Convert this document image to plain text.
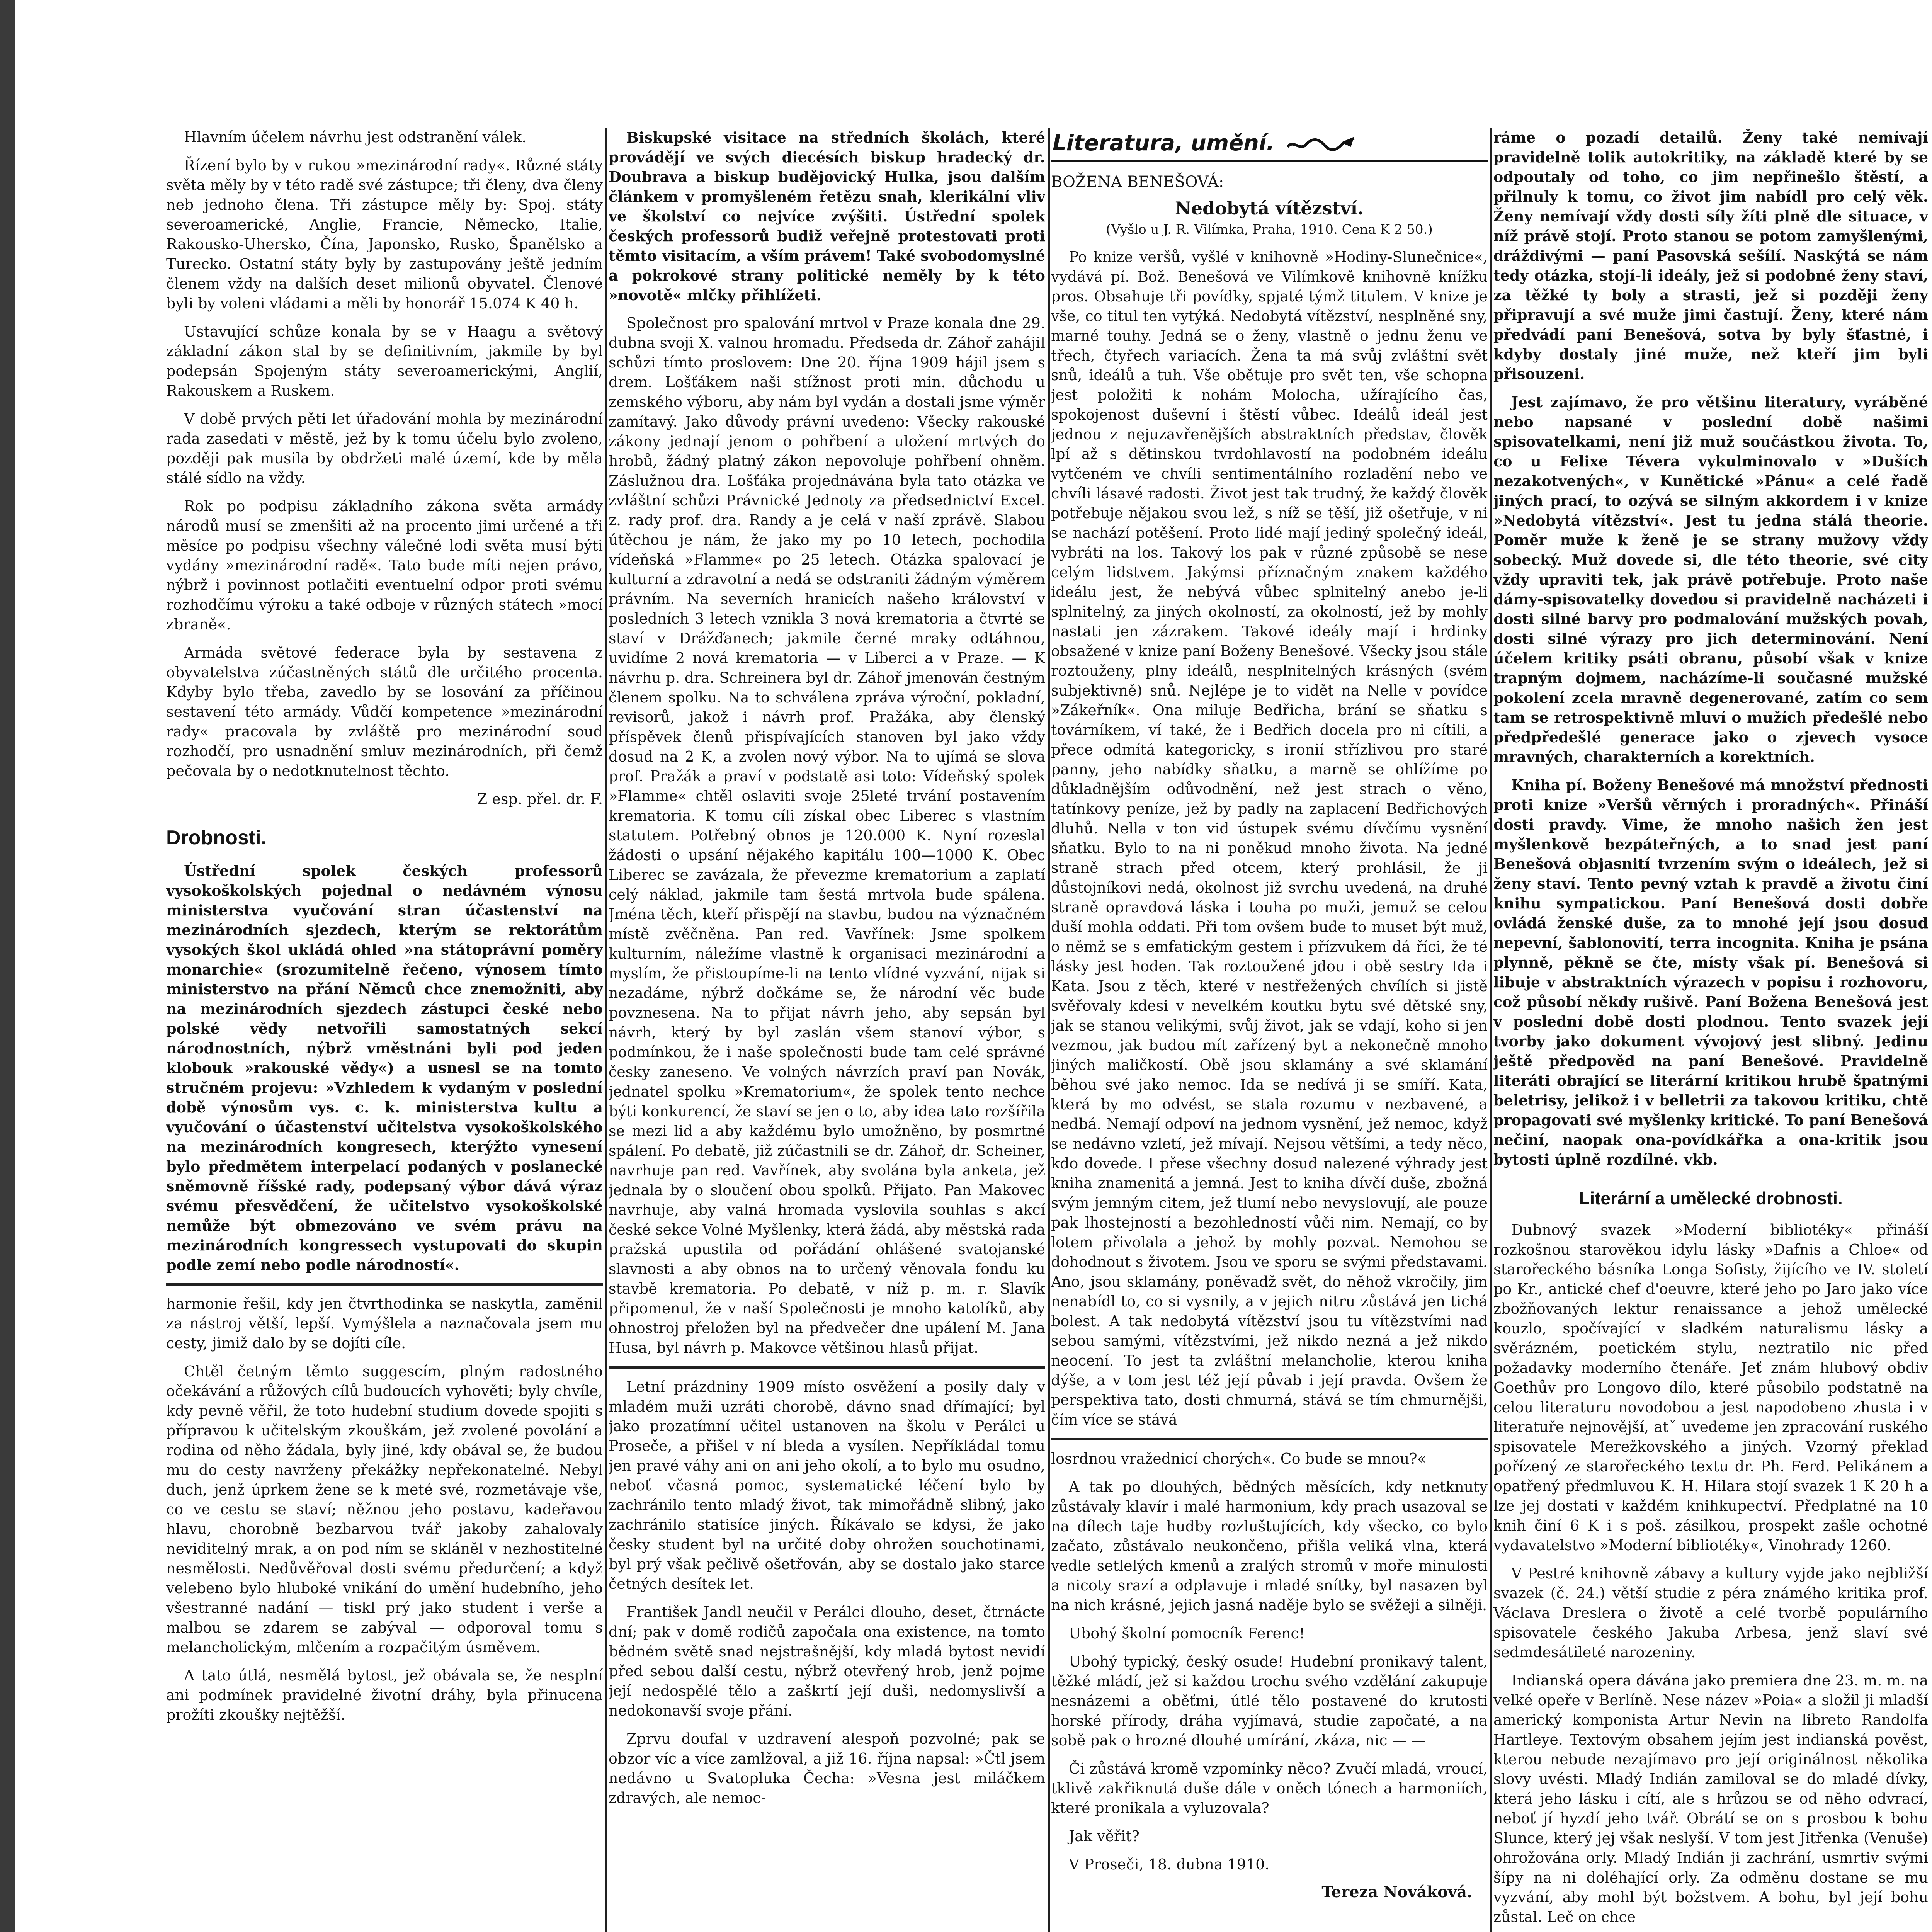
Hlavním účelem návrhu jest odstranění válek.

Řízení bylo by v rukou »mezinárodní rady«. Různé státy světa měly by v této radě své zástupce; tři členy, dva členy neb jednoho člena. Tři zástupce měly by: Spoj. státy severoamerické, Anglie, Francie, Německo, Italie, Rakousko-Uhersko, Čína, Japonsko, Rusko, Španělsko a Turecko. Ostatní státy byly by zastupovány ještě jedním členem vždy na dalších deset milionů obyvatel. Členové byli by voleni vládami a měli by honorář 15.074 K 40 h.

Ustavující schůze konala by se v Haagu a světový základní zákon stal by se definitivním, jakmile by byl podepsán Spojeným státy severoamerickými, Anglií, Rakouskem a Ruskem.

V době prvých pěti let úřadování mohla by mezinárodní rada zasedati v městě, jež by k tomu účelu bylo zvoleno, později pak musila by obdržeti malé území, kde by měla stálé sídlo na vždy.

Rok po podpisu základního zákona světa armády národů musí se zmenšiti až na procento jimi určené a tři měsíce po podpisu všechny válečné lodi světa musí býti vydány »mezinárodní radě«. Tato bude míti nejen právo, nýbrž i povinnost potlačiti eventuelní odpor proti svému rozhodčímu výroku a také odboje v různých státech »mocí zbraně«.

Armáda světové federace byla by sestavena z obyvatelstva zúčastněných států dle určitého procenta. Kdyby bylo třeba, zavedlo by se losování za příčinou sestavení této armády. Vůdčí kompetence »mezinárodní rady« pracovala by zvláště pro mezinárodní soud rozhodčí, pro usnadnění smluv mezinárodních, při čemž pečovala by o nedotknutelnost těchto.

Z esp. přel. dr. F.

Drobnosti.

Ústřední spolek českých professorů vysokoškolských pojednal o nedávném výnosu ministerstva vyučování stran účastenství na mezinárodních sjezdech, kterým se rektorátům vysokých škol ukládá ohled »na státoprávní poměry monarchie« (srozumitelně řečeno, výnosem tímto ministerstvo na přání Němců chce znemožniti, aby na mezinárodních sjezdech zástupci české nebo polské vědy netvořili samostatných sekcí národnostních, nýbrž vměstnáni byli pod jeden klobouk »rakouské vědy«) a usnesl se na tomto stručném projevu: »Vzhledem k vydaným v poslední době výnosům vys. c. k. ministerstva kultu a vyučování o účastenství učitelstva vysokoškolského na mezinárodních kongresech, kterýžto vynesení bylo předmětem interpelací podaných v poslanecké sněmovně říšské rady, podepsaný výbor dává výraz svému přesvědčení, že učitelstvo vysokoškolské nemůže být obmezováno ve svém právu na mezinárodních kongressech vystupovati do skupin podle zemí nebo podle národností«.

harmonie řešil, kdy jen čtvrthodinka se naskytla, zaměnil za nástroj větší, lepší. Vymýšlela a naznačovala jsem mu cesty, jimiž dalo by se dojíti cíle.

Chtěl četným těmto suggescím, plným radostného očekávání a růžových cílů budoucích vyhověti; byly chvíle, kdy pevně věřil, že toto hudební studium dovede spojiti s přípravou k učitelským zkouškám, jež zvolené povolání a rodina od něho žádala, byly jiné, kdy obával se, že budou mu do cesty navrženy překážky nepřekonatelné. Nebyl duch, jenž úprkem žene se k meté své, rozmetávaje vše, co ve cestu se staví; něžnou jeho postavu, kadeřavou hlavu, chorobně bezbarvou tvář jakoby zahalovaly neviditelný mrak, a on pod ním se skláněl v nezhostitelné nesmělosti. Nedůvěřoval dosti svému předurčení; a když velebeno bylo hluboké vnikání do umění hudebního, jeho všestranné nadání — tiskl prý jako student i verše a malbou se zdarem se zabýval — odporoval tomu s melancholickým, mlčením a rozpačitým úsměvem.

A tato útlá, nesmělá bytost, jež obávala se, že nesplní ani podmínek pravidelné životní dráhy, byla přinucena prožíti zkoušky nejtěžší.

Biskupské visitace na středních školách, které provádějí ve svých diecésích biskup hradecký dr. Doubrava a biskup budějovický Hulka, jsou dalším článkem v promyšleném řetězu snah, klerikální vliv ve školství co nejvíce zvýšiti. Ústřední spolek českých professorů budiž veřejně protestovati proti těmto visitacím, a vším právem! Také svobodomyslné a pokrokové strany politické neměly by k této »novotě« mlčky přihlížeti.

Společnost pro spalování mrtvol v Praze konala dne 29. dubna svoji X. valnou hromadu. Předseda dr. Záhoř zahájil schůzi tímto proslovem: Dne 20. října 1909 hájil jsem s drem. Lošťákem naši stížnost proti min. důchodu u zemského výboru, aby nám byl vydán a dostali jsme výměr zamítavý. Jako důvody právní uvedeno: Všecky rakouské zákony jednají jenom o pohřbení a uložení mrtvých do hrobů, žádný platný zákon nepovoluje pohřbení ohněm. Záslužnou dra. Lošťáka projednávána byla tato otázka ve zvláštní schůzi Právnické Jednoty za předsednictví Excel. z. rady prof. dra. Randy a je celá v naší zprávě. Slabou útěchou je nám, že jako my po 10 letech, pochodila vídeňská »Flamme« po 25 letech. Otázka spalovací je kulturní a zdravotní a nedá se odstraniti žádným výměrem právním. Na severních hranicích našeho království v posledních 3 letech vznikla 3 nová krematoria a čtvrté se staví v Drážďanech; jakmile černé mraky odtáhnou, uvidíme 2 nová krematoria — v Liberci a v Praze. — K návrhu p. dra. Schreinera byl dr. Záhoř jmenován čestným členem spolku. Na to schválena zpráva výroční, pokladní, revisorů, jakož i návrh prof. Pražáka, aby členský příspěvek členů přispívajících stanoven byl jako vždy dosud na 2 K, a zvolen nový výbor. Na to ujímá se slova prof. Pražák a praví v podstatě asi toto: Vídeňský spolek »Flamme« chtěl oslaviti svoje 25leté trvání postavením krematoria. K tomu cíli získal obec Liberec s vlastním statutem. Potřebný obnos je 120.000 K. Nyní rozeslal žádosti o upsání nějakého kapitálu 100—1000 K. Obec Liberec se zavázala, že převezme krematorium a zaplatí celý náklad, jakmile tam šestá mrtvola bude spálena. Jména těch, kteří přispějí na stavbu, budou na význačném místě zvěčněna. Pan red. Vavřínek: Jsme spolkem kulturním, náležíme vlastně k organisaci mezinárodní a myslím, že přistoupíme-li na tento vlídné vyzvání, nijak si nezadáme, nýbrž dočkáme se, že národní věc bude povznesena. Na to přijat návrh jeho, aby sepsán byl návrh, který by byl zaslán všem stanoví výbor, s podmínkou, že i naše společnosti bude tam celé správné česky zaneseno. Ve volných návrzích praví pan Novák, jednatel spolku »Krematorium«, že spolek tento nechce býti konkurencí, že staví se jen o to, aby idea tato rozšířila se mezi lid a aby každému bylo umožněno, by posmrtné spálení. Po debatě, již zúčastnili se dr. Záhoř, dr. Scheiner, navrhuje pan red. Vavřínek, aby svolána byla anketa, jež jednala by o sloučení obou spolků. Přijato. Pan Makovec navrhuje, aby valná hromada vyslovila souhlas s akcí české sekce Volné Myšlenky, která žádá, aby městská rada pražská upustila od pořádání ohlášené svatojanské slavnosti a aby obnos na to určený věnovala fondu ku stavbě krematoria. Po debatě, v níž p. m. r. Slavík připomenul, že v naší Společnosti je mnoho katolíků, aby ohnostroj přeložen byl na předvečer dne upálení M. Jana Husa, byl návrh p. Makovce většinou hlasů přijat.

Letní prázdniny 1909 místo osvěžení a posily daly v mladém muži uzráti chorobě, dávno snad dřímající; byl jako prozatímní učitel ustanoven na školu v Perálci u Proseče, a přišel v ní bleda a vysílen. Nepříkládal tomu jen pravé váhy ani on ani jeho okolí, a to bylo mu osudno, neboť včasná pomoc, systematické léčení bylo by zachránilo tento mladý život, tak mimořádně slibný, jako zachránilo statisíce jiných. Říkávalo se kdysi, že jako česky student byl na určité doby ohrožen souchotinami, byl prý však pečlivě ošetřován, aby se dostalo jako starce četných desítek let.

František Jandl neučil v Perálci dlouho, deset, čtrnácte dní; pak v domě rodičů započala ona existence, na tomto bědném světě snad nejstrašnější, kdy mladá bytost nevidí před sebou další cestu, nýbrž otevřený hrob, jenž pojme její nedospělé tělo a zaškrtí její duši, nedomyslivší a nedokonavší svoje přání.

Zprvu doufal v uzdravení alespoň pozvolné; pak se obzor víc a více zamlžoval, a již 16. října napsal: »Čtl jsem nedávno u Svatopluka Čecha: »Vesna jest miláčkem zdravých, ale nemoc-

Literatura, umění.
BOŽENA BENEŠOVÁ:
Nedobytá vítězství.
(Vyšlo u J. R. Vilímka, Praha, 1910. Cena K 2 50.)

Po knize veršů, vyšlé v knihovně »Hodiny-Slunečnice«, vydává pí. Bož. Benešová ve Vilímkově knihovně knížku pros. Obsahuje tři povídky, spjaté týmž titulem. V knize je vše, co titul ten vytýká. Nedobytá vítězství, nesplněné sny, marné touhy. Jedná se o ženy, vlastně o jednu ženu ve třech, čtyřech variacích. Žena ta má svůj zvláštní svět snů, ideálů a tuh. Vše obětuje pro svět ten, vše schopna jest položiti k nohám Molocha, užírajícího čas, spokojenost duševní i štěstí vůbec. Ideálů ideál jest jednou z nejuzavřenějších abstraktních představ, člověk lpí až s dětinskou tvrdohlavostí na podobném ideálu vytčeném ve chvíli sentimentálního rozladění nebo ve chvíli lásavé radosti. Život jest tak trudný, že každý člověk potřebuje nějakou svou lež, s níž se těší, již ošetřuje, v ni se nachází potěšení. Proto lidé mají jediný společný ideál, vybráti na los. Takový los pak v různé způsobě se nese celým lidstvem. Jakýmsi příznačným znakem každého ideálu jest, že nebývá vůbec splnitelný anebo je-li splnitelný, za jiných okolností, za okolností, jež by mohly nastati jen zázrakem. Takové ideály mají i hrdinky obsažené v knize paní Boženy Benešové. Všecky jsou stále roztouženy, plny ideálů, nesplnitelných krásných (svém subjektivně) snů. Nejlépe je to vidět na Nelle v povídce »Zákeřník«. Ona miluje Bedřicha, brání se sňatku s továrníkem, ví také, že i Bedřich docela pro ni cítili, a přece odmítá kategoricky, s ironií střízlivou pro staré panny, jeho nabídky sňatku, a marně se ohlížíme po důkladnějším odůvodnění, než jest strach o věno, tatínkovy peníze, jež by padly na zaplacení Bedřichových dluhů. Nella v ton vid ústupek svému dívčímu vysnění sňatku. Bylo to na ni poněkud mnoho života. Na jedné straně strach před otcem, který prohlásil, že ji důstojníkovi nedá, okolnost již svrchu uvedená, na druhé straně opravdová láska i touha po muži, jemuž se celou duší mohla oddati. Při tom ovšem bude to muset být muž, o němž se s emfatickým gestem i přízvukem dá říci, že té lásky jest hoden. Tak roztoužené jdou i obě sestry Ida i Kata. Jsou z těch, které v nestřežených chvílích si jistě svěřovaly kdesi v nevelkém koutku bytu své dětské sny, jak se stanou velikými, svůj život, jak se vdají, koho si jen vezmou, jak budou mít zařízený byt a nekonečně mnoho jiných maličkostí. Obě jsou sklamány a své sklamání běhou své jako nemoc. Ida se nedívá ji se smíří. Kata, která by mo odvést, se stala rozumu v nezbavené, a nedbá. Nemají odpoví na jednom vysnění, jež nemoc, když se nedávno vzletí, jež mívají. Nejsou většími, a tedy něco, kdo dovede. I přese všechny dosud nalezené výhrady jest kniha znamenitá a jemná. Jest to kniha dívčí duše, zbožná svým jemným citem, jež tlumí nebo nevyslovují, ale pouze pak lhostejností a bezohledností vůči nim. Nemají, co by lotem přivolala a jehož by mohly pozvat. Nemohou se dohodnout s životem. Jsou ve sporu se svými představami. Ano, jsou sklamány, poněvadž svět, do něhož vkročily, jim nenabídl to, co si vysnily, a v jejich nitru zůstává jen tichá bolest. A tak nedobytá vítězství jsou tu vítězstvími nad sebou samými, vítězstvími, jež nikdo nezná a jež nikdo neocení. To jest ta zvláštní melancholie, kterou kniha dýše, a v tom jest též její půvab i její pravda. Ovšem že perspektiva tato, dosti chmurná, stává se tím chmurnějši, čím více se stává

losrdnou vražednicí chorých«. Co bude se mnou?«

A tak po dlouhých, bědných měsících, kdy netknuty zůstávaly klavír i malé harmonium, kdy prach usazoval se na dílech taje hudby rozluštujících, kdy všecko, co bylo začato, zůstávalo neukončeno, přišla veliká vlna, která vedle setlelých kmenů a zralých stromů v moře minulosti a nicoty srazí a odplavuje i mladé snítky, byl nasazen byl na nich krásné, jejich jasná naděje bylo se svěžeji a silněji.

Ubohý školní pomocník Ferenc!

Ubohý typický, český osude! Hudební pronikavý talent, těžké mládí, jež si každou trochu svého vzdělání zakupuje nesnázemi a oběťmi, útlé tělo postavené do krutosti horské přírody, dráha vyjímavá, studie započaté, a na sobě pak o hrozné dlouhé umírání, zkáza, nic — —

Či zůstává kromě vzpomínky něco? Zvučí mladá, vroucí, tklivě zakřiknutá duše dále v oněch tónech a harmoniích, které pronikala a vyluzovala?

Jak věřit?

V Proseči, 18. dubna 1910.

Tereza Nováková.

ráme o pozadí detailů. Ženy také nemívají pravidelně tolik autokritiky, na základě které by se odpoutaly od toho, co jim nepřinešlo štěstí, a přilnuly k tomu, co život jim nabídl pro celý věk. Ženy nemívají vždy dosti síly žíti plně dle situace, v níž právě stojí. Proto stanou se potom zamyšlenými, dráždivými — paní Pasovská sešílí. Naskýtá se nám tedy otázka, stojí-li ideály, jež si podobné ženy staví, za těžké ty boly a strasti, jež si později ženy připravují a své muže jimi častují. Ženy, které nám předvádí paní Benešová, sotva by byly šťastné, i kdyby dostaly jiné muže, než kteří jim byli přisouzeni.

Jest zajímavo, že pro většinu literatury, vyráběné nebo napsané v poslední době našimi spisovatelkami, není již muž součástkou života. To, co u Felixe Téverа vykulminovalo v »Duších nezakotvených«, v Kunětické »Pánu« a celé řadě jiných prací, to ozývá se silným akkordem i v knize »Nedobytá vítězství«. Jest tu jedna stálá theorie. Poměr muže k ženě je se strany mužovy vždy sobecký. Muž dovede si, dle této theorie, své city vždy upraviti tek, jak právě potřebuje. Proto naše dámy-spisovatelky dovedou si pravidelně nacházeti i dosti silné barvy pro podmalování mužských povah, dosti silné výrazy pro jich determinování. Není účelem kritiky psáti obranu, působí však v knize trapným dojmem, nacházíme-li současné mužské pokolení zcela mravně degenerované, zatím co sem tam se retrospektivně mluví o mužích předešlé nebo předpředešlé generace jako o zjevech vysoce mravných, charakterních a korektních.

Kniha pí. Boženy Benešové má množství přednosti proti knize »Veršů věrných i proradných«. Přináší dosti pravdy. Vime, že mnoho našich žen jest myšlenkově bezpáteřných, a to snad jest paní Benešová objasnití tvrzením svým o ideálech, jež si ženy staví. Tento pevný vztah k pravdě a životu činí knihu sympatickou. Paní Benešová dosti dobře ovládá ženské duše, za to mnohé její jsou dosud nepevní, šablonovití, terra incognita. Kniha je psána plynně, pěkně se čte, místy však pí. Benešová si libuje v abstraktních výrazech v popisu i rozhovoru, což působí někdy rušivě. Paní Božena Benešová jest v poslední době dosti plodnou. Tento svazek její tvorby jako dokument vývojový jest slibný. Jedinu ještě předpověd na paní Benešové. Pravidelně literáti obrající se literární kritikou hrubě špatnými beletrisy, jelikož i v belletrii za takovou kritiku, chtě propagovati své myšlenky kritické. To paní Benešová nečiní, naopak ona-povídkářka a ona-kritik jsou bytosti úplně rozdílné. vkb.

Literární a umělecké drobnosti.

Dubnový svazek »Moderní bibliotéky« přináší rozkošnou starověkou idylu lásky »Dafnis a Chloe« od starořeckého básníka Longa Sofisty, žijícího ve IV. století po Kr., antické chef d'oeuvre, které jeho po Jaro jako více zbožňovaných lektur renaissance a jehož umělecké kouzlo, spočívající v sladkém naturalismu lásky a svěrázném, poetickém stylu, neztratilo nic před požadavky moderního čtenáře. Jeť znám hlubový obdiv Goethův pro Longovo dílo, které působilo podstatně na celou literaturu novodobou a jest napodobeno zhusta i v literatuře nejnovější, atˇ uvedeme jen zpracování ruského spisovatele Merežkovského a jiných. Vzorný překlad pořízený ze starořeckého textu dr. Ph. Ferd. Pelikánem a opatřený předmluvou K. H. Hilara stojí svazek 1 K 20 h a lze jej dostati v každém knihkupectví. Předplatné na 10 knih činí 6 K i s poš. zásilkou, prospekt zašle ochotné vydavatelstvo »Moderní bibliotéky«, Vinohrady 1260.

V Pestré knihovně zábavy a kultury vyjde jako nejbližší svazek (č. 24.) větší studie z péra známého kritika prof. Václava Dreslera o životě a celé tvorbě populárního spisovatele českého Jakuba Arbesa, jenž slaví své sedmdesátileté narozeniny.

Indianská opera dávána jako premiera dne 23. m. m. na velké opeře v Berlíně. Nese název »Poia« a složil ji mladší americký komponista Artur Nevin na libreto Randolfa Hartleye. Textovým obsahem jejím jest indianská pověst, kterou nebude nezajímavo pro její originálnost několika slovy uvésti. Mladý Indián zamiloval se do mladé dívky, která jeho lásku i cítí, ale s hrůzou se od něho odvrací, neboť jí hyzdí jeho tvář. Obrátí se on s prosbou k bohu Slunce, který jej však neslyší. V tom jest Jitřenka (Venuše) ohrožována orly. Mladý Indián ji zachrání, usmrtiv svými šípy na ni doléhající orly. Za odměnu dostane se mu vyzvání, aby mohl být božstvem. A bohu, byl její bohu zůstal. Leč on chce
